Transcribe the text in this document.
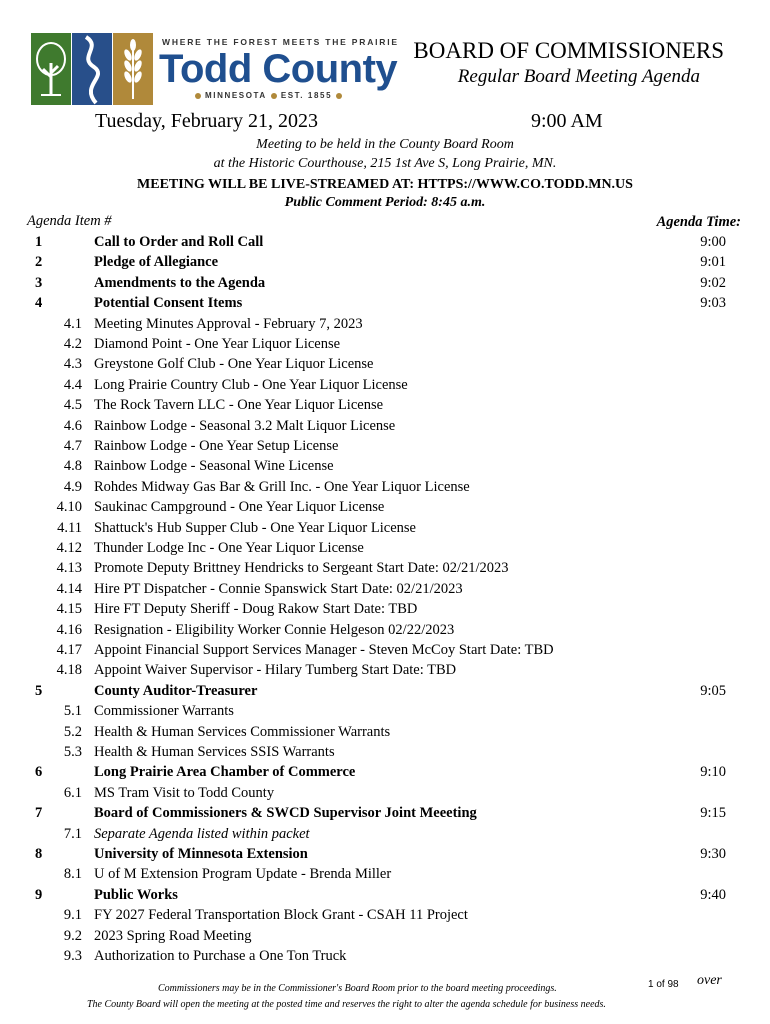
WHERE THE FOREST MEETS THE PRAIRIE
Todd County
MINNESOTA EST. 1855
BOARD OF COMMISSIONERS
Regular Board Meeting Agenda
Tuesday, February 21, 2023	9:00 AM
Meeting to be held in the County Board Room
at the Historic Courthouse, 215 1st Ave S, Long Prairie, MN.
MEETING WILL BE LIVE-STREAMED AT: HTTPS://WWW.CO.TODD.MN.US
Public Comment Period: 8:45 a.m.
Agenda Item #	Agenda Time:
1	Call to Order and Roll Call	9:00
2	Pledge of Allegiance	9:01
3	Amendments to the Agenda	9:02
4	Potential Consent Items	9:03
4.1 Meeting Minutes Approval - February 7, 2023
4.2 Diamond Point - One Year Liquor License
4.3 Greystone Golf Club - One Year Liquor License
4.4 Long Prairie Country Club - One Year Liquor License
4.5 The Rock Tavern LLC - One Year Liquor License
4.6 Rainbow Lodge - Seasonal 3.2 Malt Liquor License
4.7 Rainbow Lodge - One Year Setup License
4.8 Rainbow Lodge - Seasonal Wine License
4.9 Rohdes Midway Gas Bar & Grill Inc. - One Year Liquor License
4.10 Saukinac Campground - One Year Liquor License
4.11 Shattuck's Hub Supper Club - One Year Liquor License
4.12 Thunder Lodge Inc - One Year Liquor License
4.13 Promote Deputy Brittney Hendricks to Sergeant Start Date: 02/21/2023
4.14 Hire PT Dispatcher - Connie Spanswick Start Date: 02/21/2023
4.15 Hire FT Deputy Sheriff - Doug Rakow Start Date: TBD
4.16 Resignation - Eligibility Worker Connie Helgeson 02/22/2023
4.17 Appoint Financial Support Services Manager - Steven McCoy Start Date: TBD
4.18 Appoint Waiver Supervisor - Hilary Tumberg Start Date: TBD
5	County Auditor-Treasurer	9:05
5.1 Commissioner Warrants
5.2 Health & Human Services Commissioner Warrants
5.3 Health & Human Services SSIS Warrants
6	Long Prairie Area Chamber of Commerce	9:10
6.1 MS Tram Visit to Todd County
7	Board of Commissioners & SWCD Supervisor Joint Meeeting	9:15
7.1 Separate Agenda listed within packet
8	University of Minnesota Extension	9:30
8.1 U of M Extension Program Update - Brenda Miller
9	Public Works	9:40
9.1 FY 2027 Federal Transportation Block Grant - CSAH 11 Project
9.2 2023 Spring Road Meeting
9.3 Authorization to Purchase a One Ton Truck
Commissioners may be in the Commissioner's Board Room prior to the board meeting proceedings.	1 of 98 over
The County Board will open the meeting at the posted time and reserves the right to alter the agenda schedule for business needs.
